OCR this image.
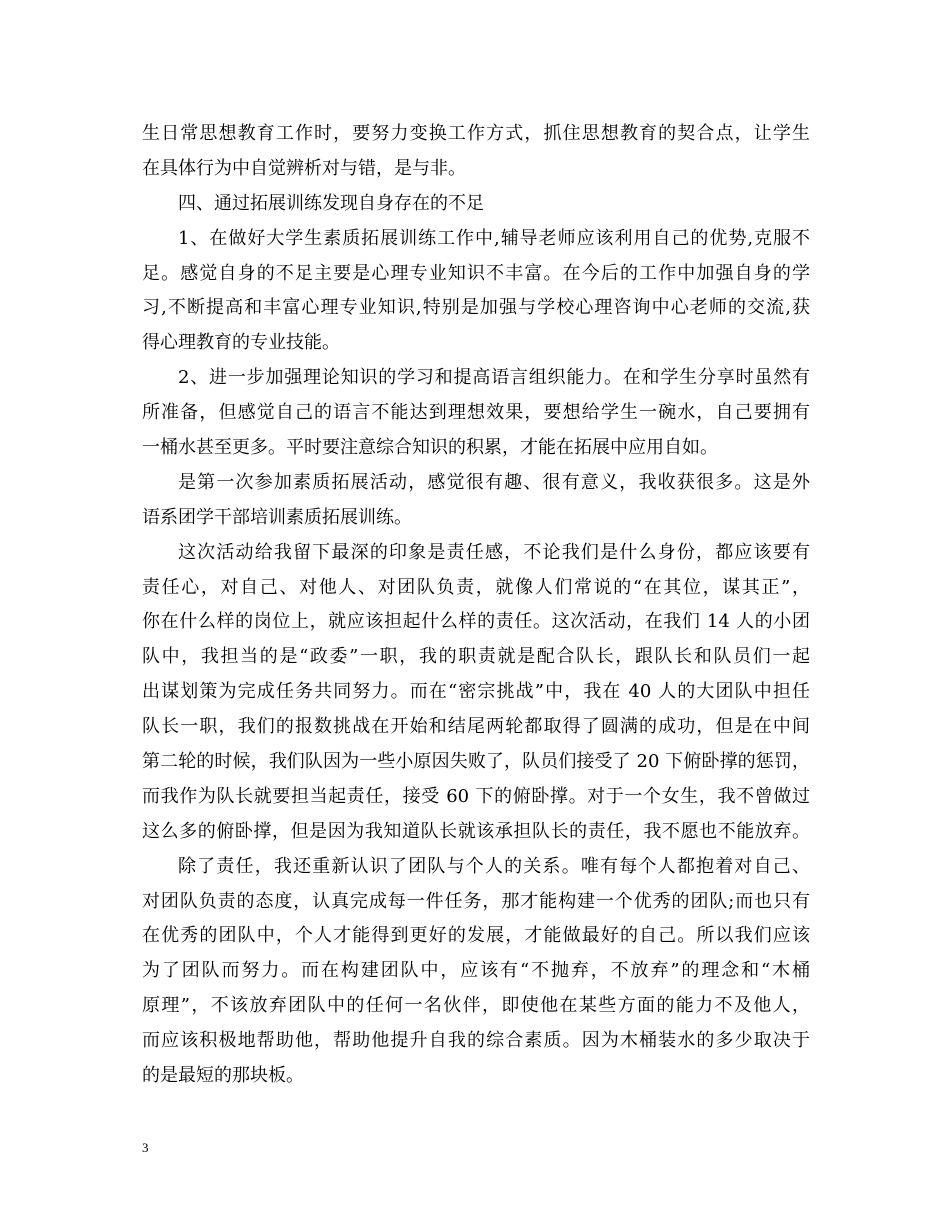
生日常思想教育工作时，要努力变换工作方式，抓住思想教育的契合点，让学生
在具体行为中自觉辨析对与错，是与非。
四、通过拓展训练发现自身存在的不足
1、在做好大学生素质拓展训练工作中,辅导老师应该利用自己的优势,克服不
足。感觉自身的不足主要是心理专业知识不丰富。在今后的工作中加强自身的学
习,不断提高和丰富心理专业知识,特别是加强与学校心理咨询中心老师的交流,获
得心理教育的专业技能。
2、进一步加强理论知识的学习和提高语言组织能力。在和学生分享时虽然有
所准备，但感觉自己的语言不能达到理想效果，要想给学生一碗水，自己要拥有
一桶水甚至更多。平时要注意综合知识的积累，才能在拓展中应用自如。
是第一次参加素质拓展活动，感觉很有趣、很有意义，我收获很多。这是外
语系团学干部培训素质拓展训练。
这次活动给我留下最深的印象是责任感，不论我们是什么身份，都应该要有
责任心，对自己、对他人、对团队负责，就像人们常说的“在其位，谋其正”，
你在什么样的岗位上，就应该担起什么样的责任。这次活动，在我们 14 人的小团
队中，我担当的是“政委”一职，我的职责就是配合队长，跟队长和队员们一起
出谋划策为完成任务共同努力。而在“密宗挑战”中，我在 40 人的大团队中担任
队长一职，我们的报数挑战在开始和结尾两轮都取得了圆满的成功，但是在中间
第二轮的时候，我们队因为一些小原因失败了，队员们接受了 20 下俯卧撑的惩罚，
而我作为队长就要担当起责任，接受 60 下的俯卧撑。对于一个女生，我不曾做过
这么多的俯卧撑，但是因为我知道队长就该承担队长的责任，我不愿也不能放弃。
除了责任，我还重新认识了团队与个人的关系。唯有每个人都抱着对自己、
对团队负责的态度，认真完成每一件任务，那才能构建一个优秀的团队;而也只有
在优秀的团队中，个人才能得到更好的发展，才能做最好的自己。所以我们应该
为了团队而努力。而在构建团队中，应该有“不抛弃，不放弃”的理念和“木桶
原理”，不该放弃团队中的任何一名伙伴，即使他在某些方面的能力不及他人，
而应该积极地帮助他，帮助他提升自我的综合素质。因为木桶装水的多少取决于
的是最短的那块板。
3
